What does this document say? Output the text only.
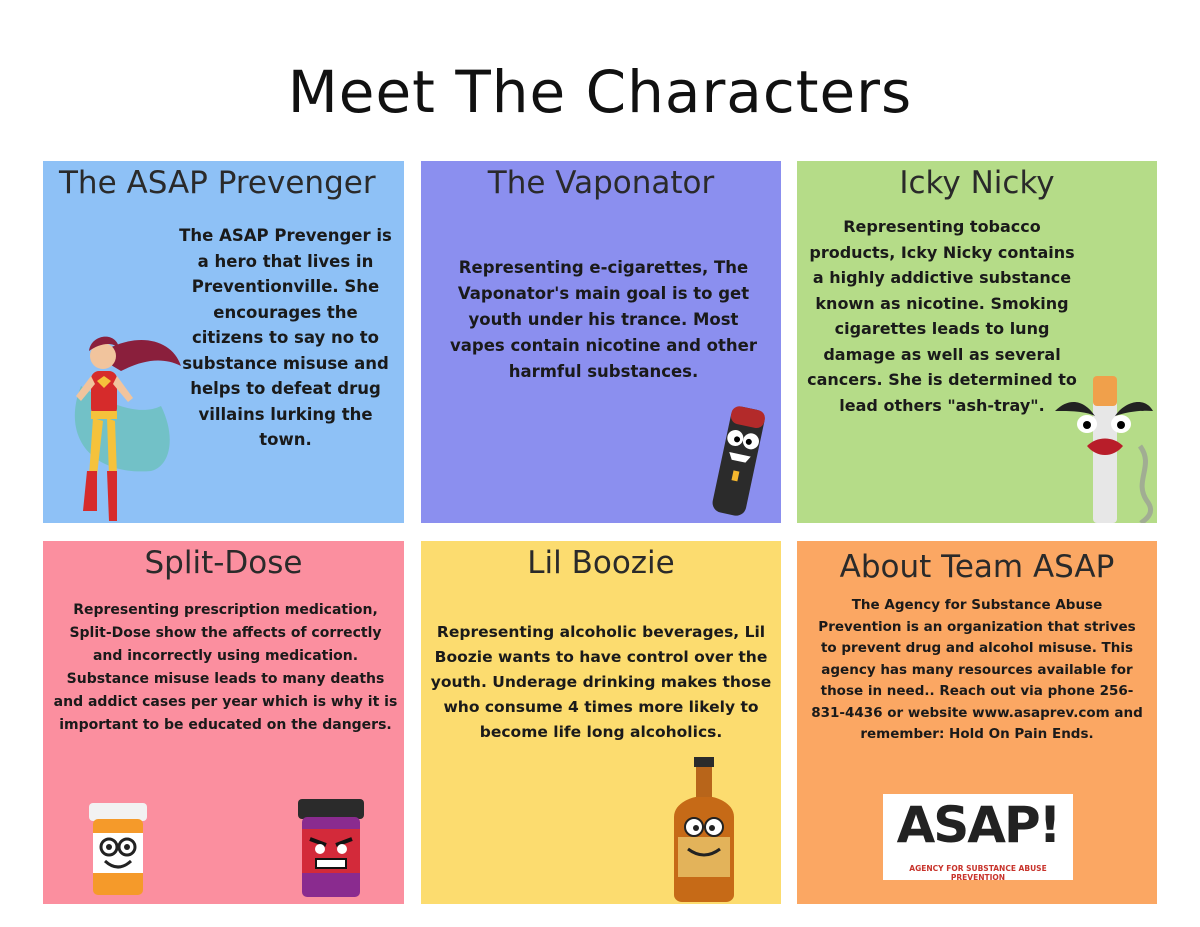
Meet The Characters
The ASAP Prevenger

The ASAP Prevenger is a hero that lives in Preventionville. She encourages the citizens to say no to substance misuse and helps to defeat drug villains lurking the town.

The Vaponator

Representing e-cigarettes, The Vaponator's main goal is to get youth under his trance. Most vapes contain nicotine and other harmful substances.

Icky Nicky

Representing tobacco products, Icky Nicky contains a highly addictive substance known as nicotine. Smoking cigarettes leads to lung damage as well as several cancers. She is determined to lead others "ash-tray".

Split-Dose

Representing prescription medication, Split-Dose show the affects of correctly and incorrectly using medication. Substance misuse leads to many deaths and addict cases per year which is why it is important to be educated on the dangers.

Lil Boozie

Representing alcoholic beverages, Lil Boozie wants to have control over the youth. Underage drinking makes those who consume 4 times more likely to become life long alcoholics.

About Team ASAP

The Agency for Substance Abuse Prevention is an organization that strives to prevent drug and alcohol misuse. This agency has many resources available for those in need.. Reach out via phone 256-831-4436 or website www.asaprev.com and remember: Hold On Pain Ends.

ASAP!
AGENCY FOR SUBSTANCE ABUSE PREVENTION
